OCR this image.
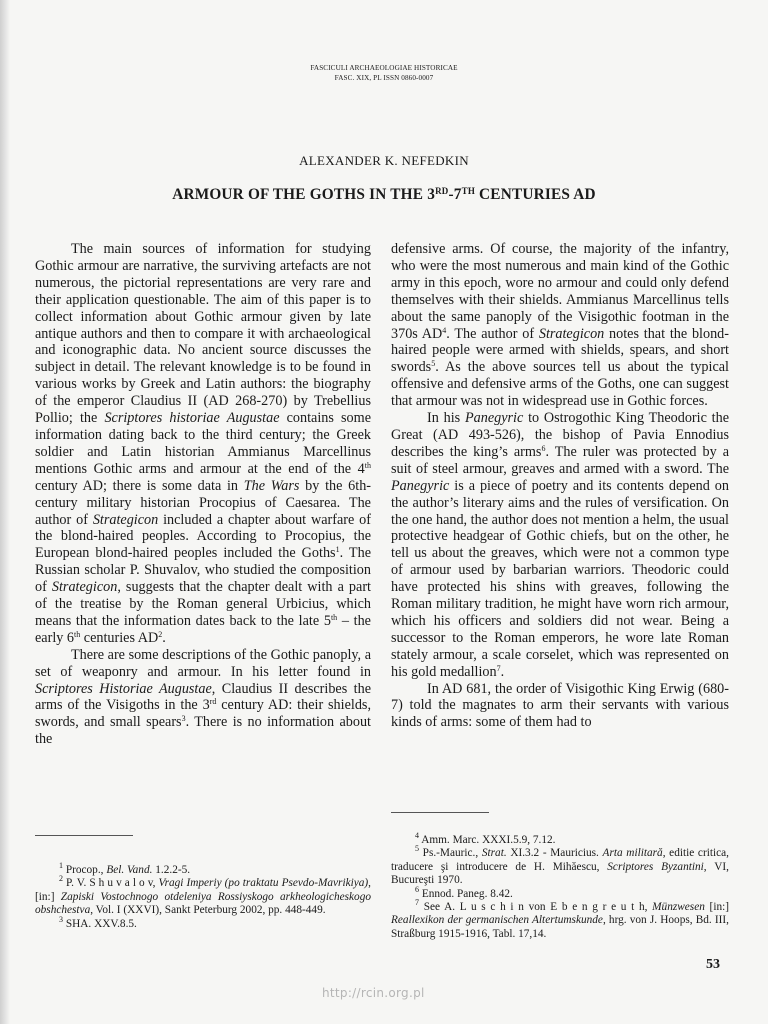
FASCICULI ARCHAEOLOGIAE HISTORICAE
FASC. XIX, PL ISSN 0860-0007
ALEXANDER K. NEFEDKIN
ARMOUR OF THE GOTHS IN THE 3RD-7TH CENTURIES AD

The main sources of information for studying Gothic armour are narrative, the surviving artefacts are not numerous, the pictorial representations are very rare and their application questionable. The aim of this paper is to collect information about Gothic armour given by late antique authors and then to compare it with archaeological and iconographic data. No ancient source discusses the subject in detail. The relevant knowledge is to be found in various works by Greek and Latin authors: the biography of the emperor Claudius II (AD 268-270) by Trebellius Pollio; the Scriptores historiae Augustae contains some information dating back to the third century; the Greek soldier and Latin historian Ammianus Marcellinus mentions Gothic arms and armour at the end of the 4th century AD; there is some data in The Wars by the 6th-century military historian Procopius of Caesarea. The author of Strategicon included a chapter about warfare of the blond-haired peoples. According to Procopius, the European blond-haired peoples included the Goths$^1$. The Russian scholar P. Shuvalov, who studied the composition of Strategicon, suggests that the chapter dealt with a part of the treatise by the Roman general Urbicius, which means that the information dates back to the late 5th – the early 6th centuries $AD^2$.

There are some descriptions of the Gothic panoply, a set of weaponry and armour. In his letter found in Scriptores Historiae Augustae, Claudius II describes the arms of the Visigoths in the 3rd century AD: their shields, swords, and small spears$^3$. There is no information about the

defensive arms. Of course, the majority of the infantry, who were the most numerous and main kind of the Gothic army in this epoch, wore no armour and could only defend themselves with their shields. Ammianus Marcellinus tells about the same panoply of the Visigothic footman in the 370s $AD^4$. The author of Strategicon notes that the blond-haired people were armed with shields, spears, and short swords$^5$. As the above sources tell us about the typical offensive and defensive arms of the Goths, one can suggest that armour was not in widespread use in Gothic forces.

In his Panegyric to Ostrogothic King Theodoric the Great (AD 493-526), the bishop of Pavia Ennodius describes the king’s arms$^6$. The ruler was protected by a suit of steel armour, greaves and armed with a sword. The Panegyric is a piece of poetry and its contents depend on the author’s literary aims and the rules of versification. On the one hand, the author does not mention a helm, the usual protective headgear of Gothic chiefs, but on the other, he tell us about the greaves, which were not a common type of armour used by barbarian warriors. Theodoric could have protected his shins with greaves, following the Roman military tradition, he might have worn rich armour, which his officers and soldiers did not wear. Being a successor to the Roman emperors, he wore late Roman stately armour, a scale corselet, which was represented on his gold medallion$^7$.

In AD 681, the order of Visigothic King Erwig (680-7) told the magnates to arm their servants with various kinds of arms: some of them had to

$^1$ Procop., Bel. Vand. 1.2.2-5.

$^2$ P. V. S h u v a l o v, Vragi Imperiy (po traktatu Psevdo-Mavrikiya), [in:] Zapiski Vostochnogo otdeleniya Rossiyskogo arkheologicheskogo obshchestva, Vol. I (XXVI), Sankt Peterburg 2002, pp. 448-449.

$^3$ SHA. XXV.8.5.

$^4$ Amm. Marc. XXXI.5.9, 7.12.

$^5$ Ps.-Mauric., Strat. XI.3.2 - Mauricius. Arta militară, editie critica, traducere şi introducere de H. Mihăescu, Scriptores Byzantini, VI, Bucureşti 1970.

$^6$ Ennod. Paneg. 8.42.

$^7$ See A. L u s c h i n von E b e n g r e u t h, Münzwesen [in:] Reallexikon der germanischen Altertumskunde, hrg. von J. Hoops, Bd. III, Straßburg 1915-1916, Tabl. 17,14.

53
http://rcin.org.pl
